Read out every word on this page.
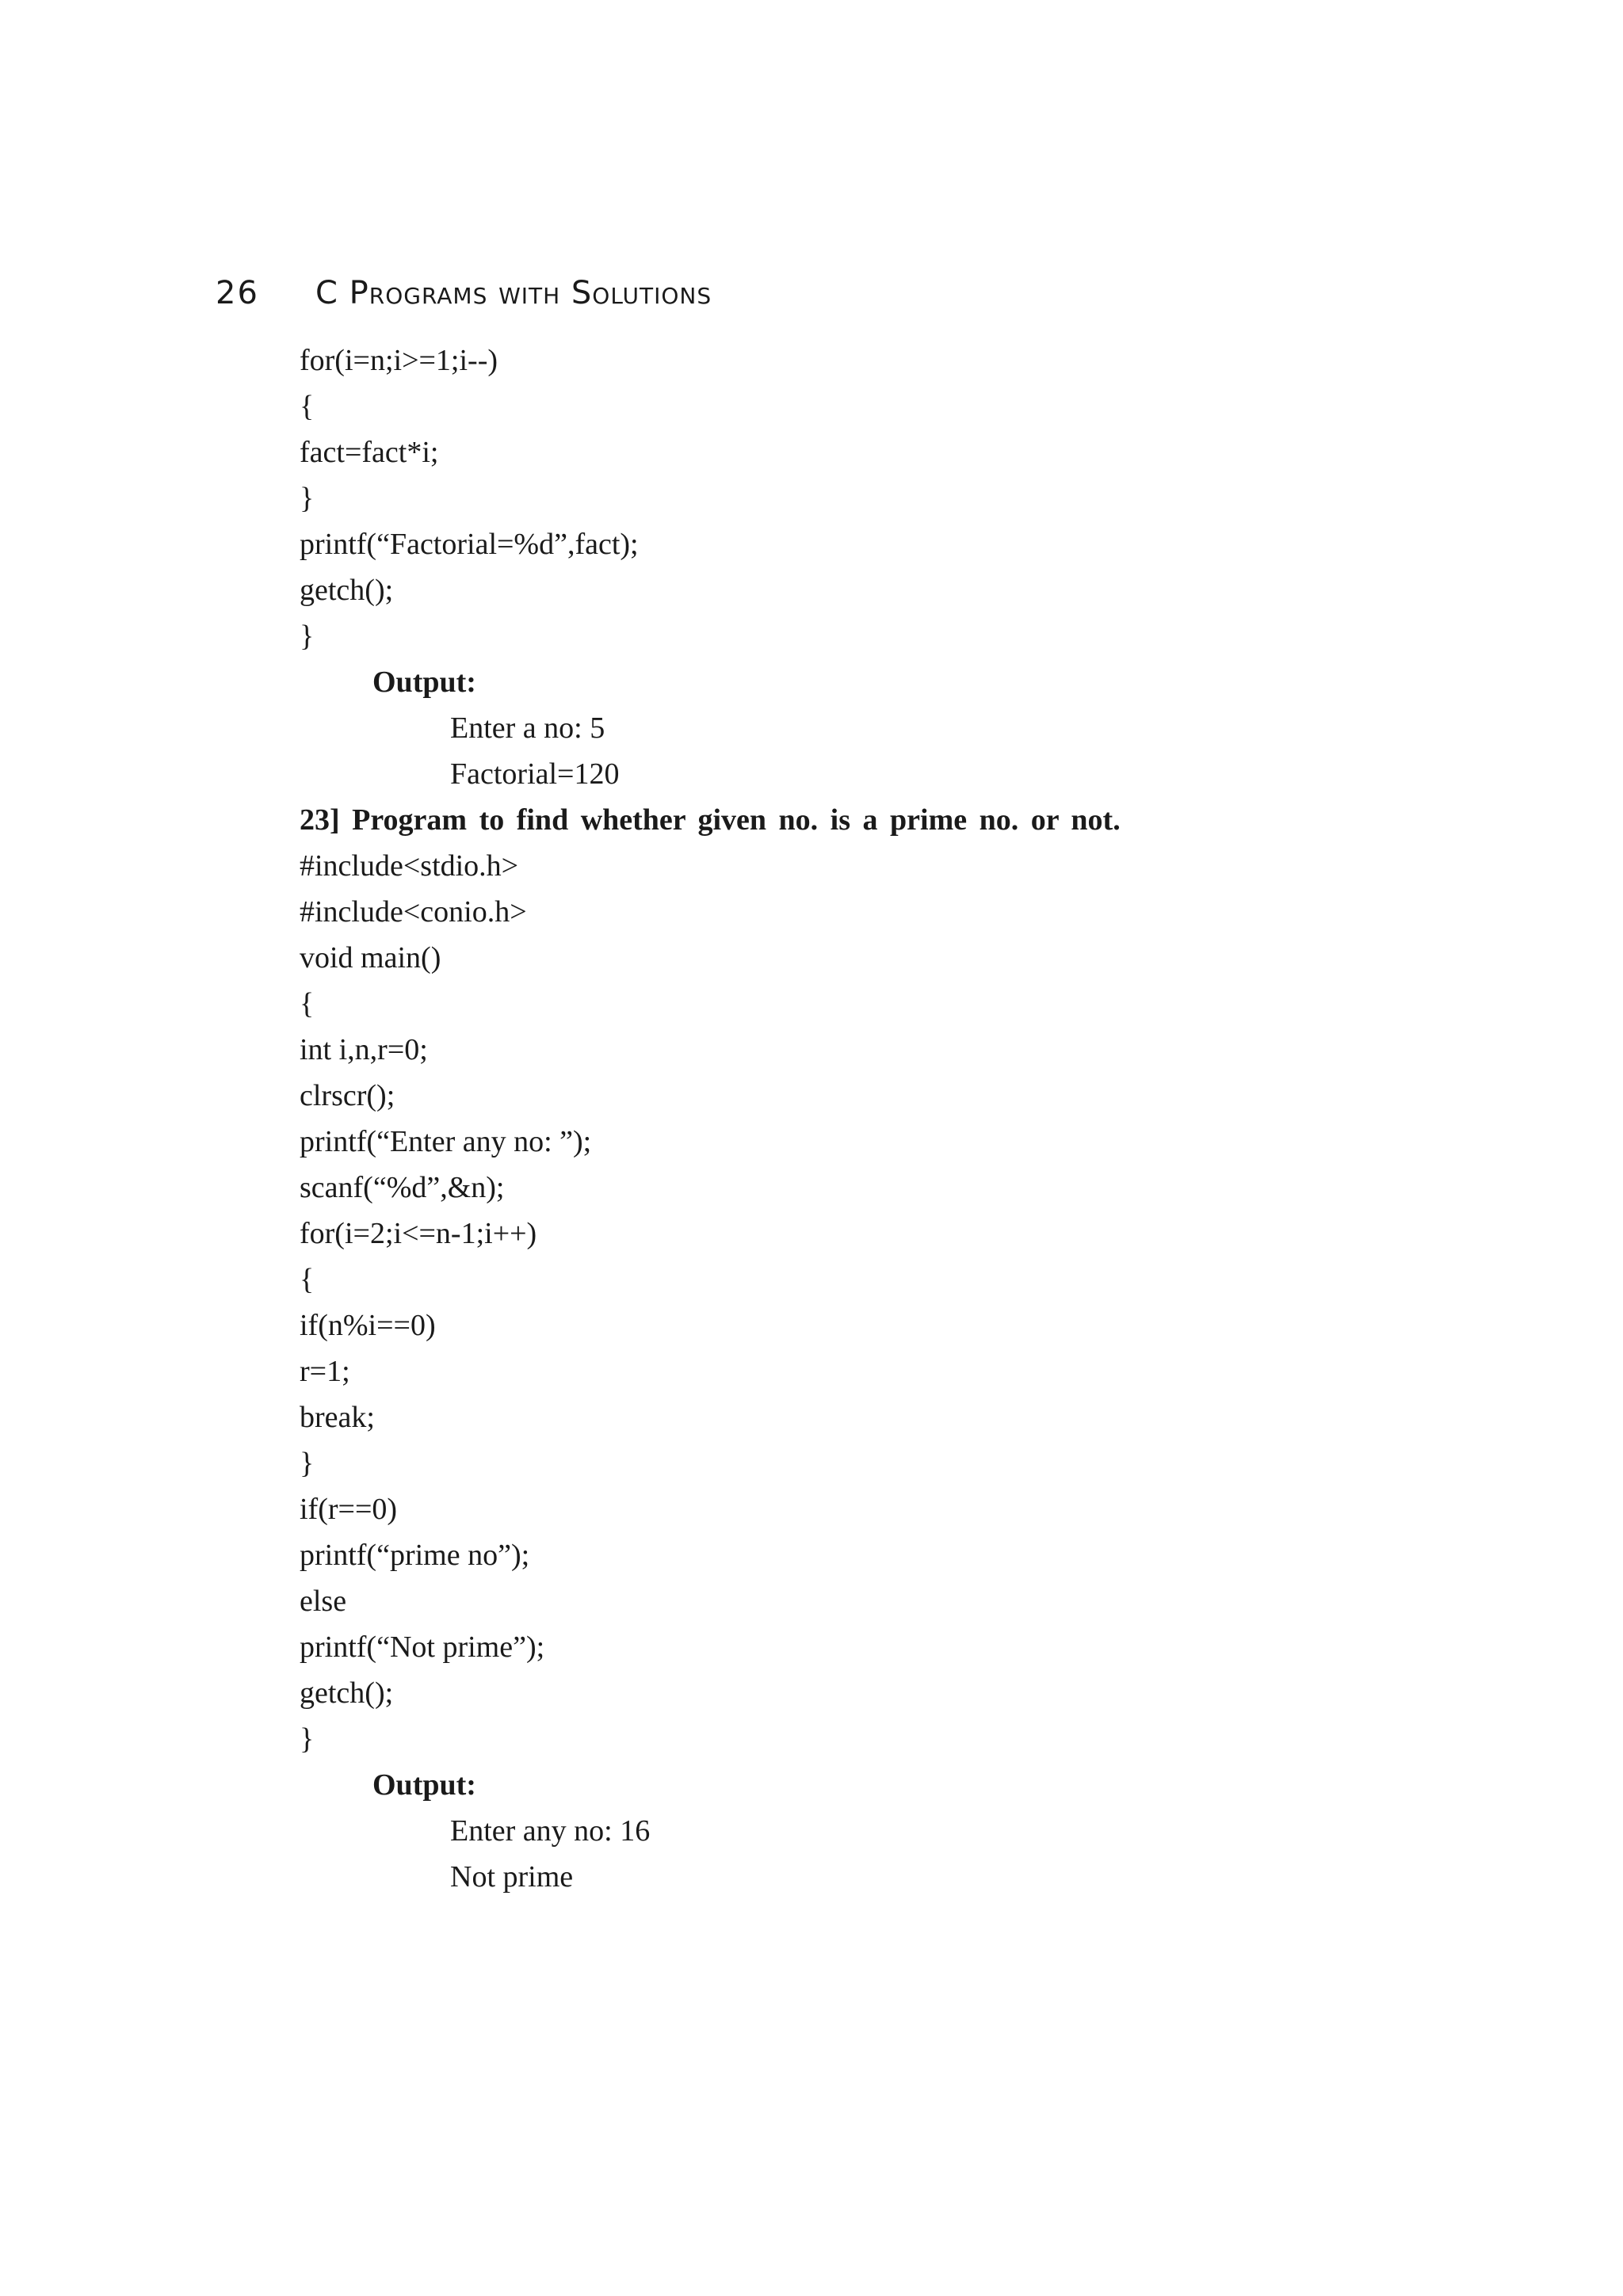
26 C Programs with Solutions
for(i=n;i>=1;i--)
{
fact=fact*i;
}
printf(“Factorial=%d”,fact);
getch();
}
Output:
Enter a no: 5
Factorial=120
23] Program to find whether given no. is a prime no. or not.
#include<stdio.h>
#include<conio.h>
void main()
{
int i,n,r=0;
clrscr();
printf(“Enter any no: ”);
scanf(“%d”,&n);
for(i=2;i<=n-1;i++)
{
if(n%i==0)
r=1;
break;
}
if(r==0)
printf(“prime no”);
else
printf(“Not prime”);
getch();
}
Output:
Enter any no: 16
Not prime
